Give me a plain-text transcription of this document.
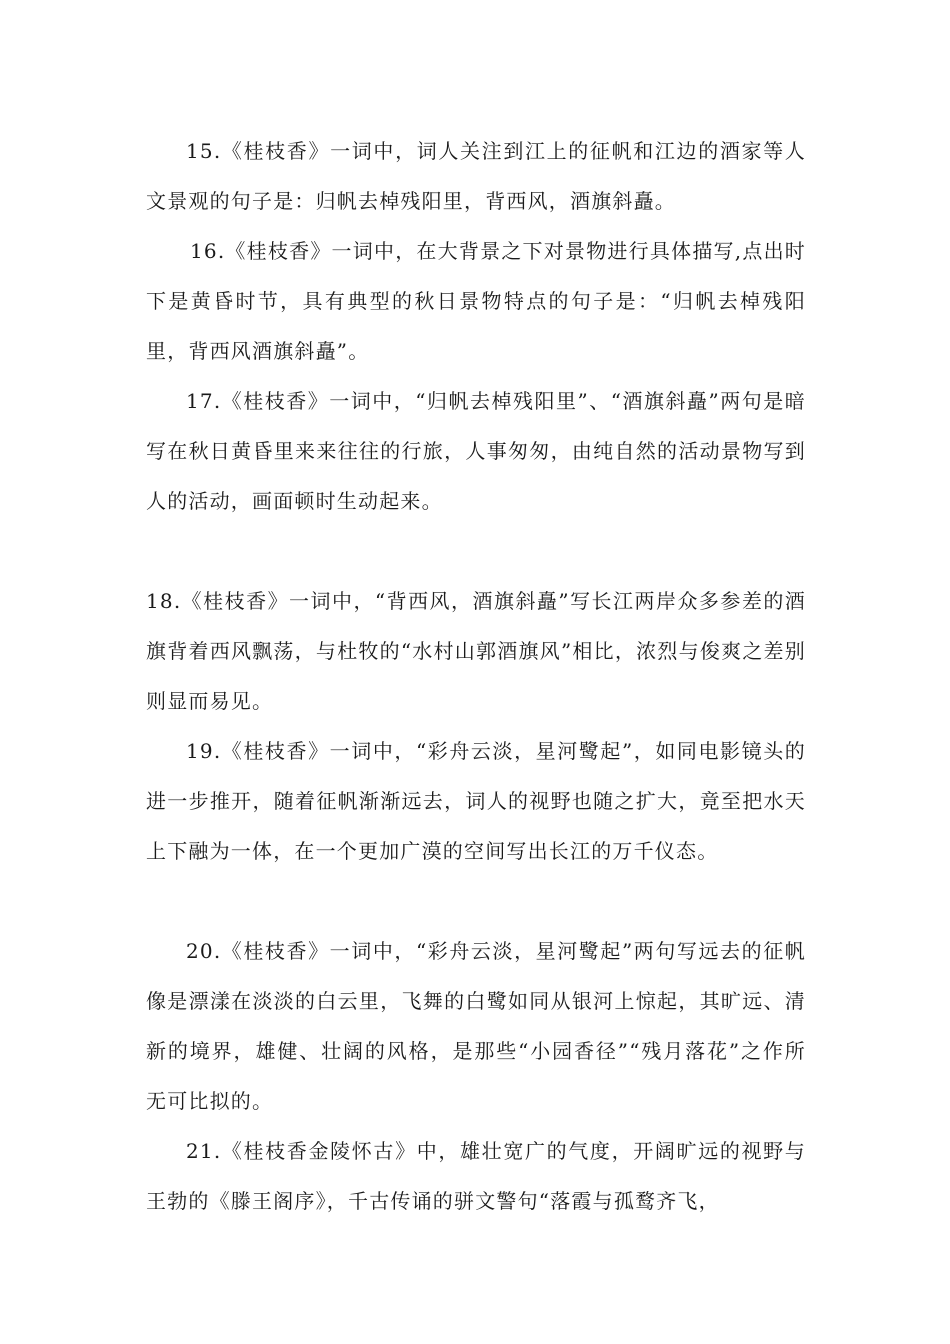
15.《桂枝香》一词中，词人关注到江上的征帆和江边的酒家等人文景观的句子是：归帆去棹残阳里，背西风，酒旗斜矗。

16.《桂枝香》一词中，在大背景之下对景物进行具体描写,点出时下是黄昏时节，具有典型的秋日景物特点的句子是：“归帆去棹残阳里，背西风酒旗斜矗”。

17.《桂枝香》一词中，“归帆去棹残阳里”、“酒旗斜矗”两句是暗写在秋日黄昏里来来往往的行旅，人事匆匆，由纯自然的活动景物写到人的活动，画面顿时生动起来。

18.《桂枝香》一词中，“背西风，酒旗斜矗”写长江两岸众多参差的酒旗背着西风飘荡，与杜牧的“水村山郭酒旗风”相比，浓烈与俊爽之差别则显而易见。

19.《桂枝香》一词中，“彩舟云淡，星河鹭起”，如同电影镜头的进一步推开，随着征帆渐渐远去，词人的视野也随之扩大，竟至把水天上下融为一体，在一个更加广漠的空间写出长江的万千仪态。

20.《桂枝香》一词中，“彩舟云淡，星河鹭起”两句写远去的征帆像是漂漾在淡淡的白云里，飞舞的白鹭如同从银河上惊起，其旷远、清新的境界，雄健、壮阔的风格，是那些“小园香径”“残月落花”之作所无可比拟的。

21.《桂枝香金陵怀古》中，雄壮宽广的气度，开阔旷远的视野与王勃的《滕王阁序》，千古传诵的骈文警句“落霞与孤鹜齐飞，
